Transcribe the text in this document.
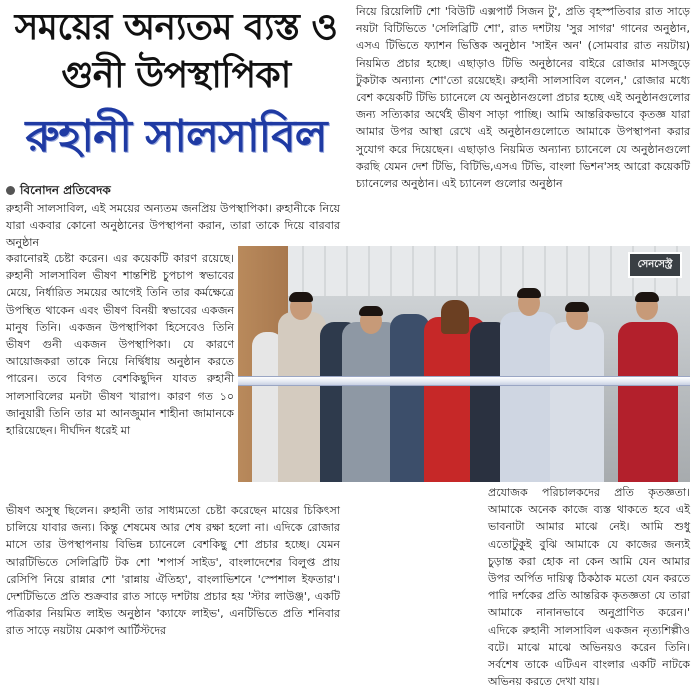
সময়ের অন্যতম ব্যস্ত ও গুনী উপস্থাপিকা
রুহানী সালসাবিল
বিনোদন প্রতিবেদক
রুহানী সালসাবিল, এই সময়ের অন্যতম জনপ্রিয় উপস্থাপিকা। রুহানীকে নিয়ে যারা একবার কোনো অনুষ্ঠানের উপস্থাপনা করান, তারা তাকে দিয়ে বারবার অনুষ্ঠান
করানোরই চেষ্টা করেন। এর কয়েকটি কারণ রয়েছে। রুহানী সালসাবিল ভীষণ শান্তশিষ্ট চুপচাপ স্বভাবের মেয়ে, নির্ধারিত সময়ের আগেই তিনি তার কর্মক্ষেত্রে উপস্থিত থাকেন এবং ভীষণ বিনয়ী স্বভাবের একজন মানুষ তিনি। একজন উপস্থাপিকা হিসেবেও তিনি ভীষণ গুনী একজন উপস্থাপিকা। যে কারণে আয়োজকরা তাকে নিয়ে নির্দ্বিধায় অনুষ্ঠান করতে পারেন। তবে বিগত বেশকিছুদিন যাবত রুহানী সালসাবিলের মনটা ভীষণ খারাপ। কারণ গত ১০ জানুয়ারী তিনি তার মা আনজুমান শাহীনা জামানকে হারিয়েছেন। দীর্ঘদিন ধরেই মা
ভীষণ অসুস্থ ছিলেন। রুহানী তার সাধ্যমতো চেষ্টা করেছেন মায়ের চিকিৎসা চালিয়ে যাবার জন্য। কিন্তু শেষমেষ আর শেষ রক্ষা হলো না। এদিকে রোজার মাসে তার উপস্থাপনায় বিভিন্ন চ্যানেলে বেশকিছু শো প্রচার হচ্ছে। যেমন আরটিভিতে সেলিব্রিটি টক শো 'শপার্স সাইড', বাংলাদেশের বিলুপ্ত প্রায় রেসিপি নিয়ে রান্নার শো 'রান্নায় ঐতিহ্য', বাংলাভিশনে 'স্পেশাল ইফতার'। দেশটিভিতে প্রতি শুক্রবার রাত সাড়ে দশটায় প্রচার হয় 'স্টার লাউঞ্জ', একটি পত্রিকার নিয়মিত লাইভ অনুষ্ঠান 'ক্যাফে লাইভ', এনটিভিতে প্রতি শনিবার রাত সাড়ে নয়টায় মেকাপ আর্টিস্টদের
নিয়ে রিয়েলিটি শো 'বিউটি এক্সপার্ট সিজন টু', প্রতি বৃহস্পতিবার রাত সাড়ে নয়টা বিটিভিতে 'সেলিব্রিটি শো', রাত দশটায় 'সুর সাগর' গানের অনুষ্ঠান, এসএ টিভিতে ফ্যাশন ভিত্তিক অনুষ্ঠান 'সাইন অন' (সোমবার রাত নয়টায়) নিয়মিত প্রচার হচ্ছে। এছাড়াও টিভি অনুষ্ঠানের বাইরে রোজার মাসজুড়ে টুকটাক অন্যান্য শো'তো রয়েছেই। রুহানী সালসাবিল বলেন,' রোজার মধ্যে বেশ কয়েকটি টিভি চ্যানেলে যে অনুষ্ঠানগুলো প্রচার হচ্ছে এই অনুষ্ঠানগুলোর জন্য সত্যিকার অর্থেই ভীষণ সাড়া পাচ্ছি। আমি আন্তরিকভাবে কৃতজ্ঞ যারা আমার উপর আস্থা রেখে এই অনুষ্ঠানগুলোতে আমাকে উপস্থাপনা করার সুযোগ করে দিয়েছেন। এছাড়াও নিয়মিত অন্যান্য চ্যানেলে যে অনুষ্ঠানগুলো করছি যেমন দেশ টিভি, বিটিভি,এসএ টিভি, বাংলা ভিশন'সহ আরো কয়েকটি চ্যানেলের অনুষ্ঠান। এই চ্যানেল গুলোর অনুষ্ঠান
প্রযোজক পরিচালকদের প্রতি কৃতজ্ঞতা। আমাকে অনেক কাজে ব্যস্ত থাকতে হবে এই ভাবনাটা আমার মাঝে নেই। আমি শুধু এতোটুকুই বুঝি আমাকে যে কাজের জন্যই চুড়ান্ত করা হোক না কেন আমি যেন আমার উপর অর্পিত দায়িত্ব ঠিকঠাক মতো যেন করতে পারি দর্শকের প্রতি আন্তরিক কৃতজ্ঞতা যে তারা আমাকে নানানভাবে অনুপ্রাণিত করেন।' এদিকে রুহানী সালসাবিল একজন নৃত্যশিল্পীও বটে। মাঝে মাঝে অভিনয়ও করেন তিনি। সর্বশেষ তাকে এটিএন বাংলার একটি নাটকে অভিনয় করতে দেখা যায়।
সেনসেস্ট্র
